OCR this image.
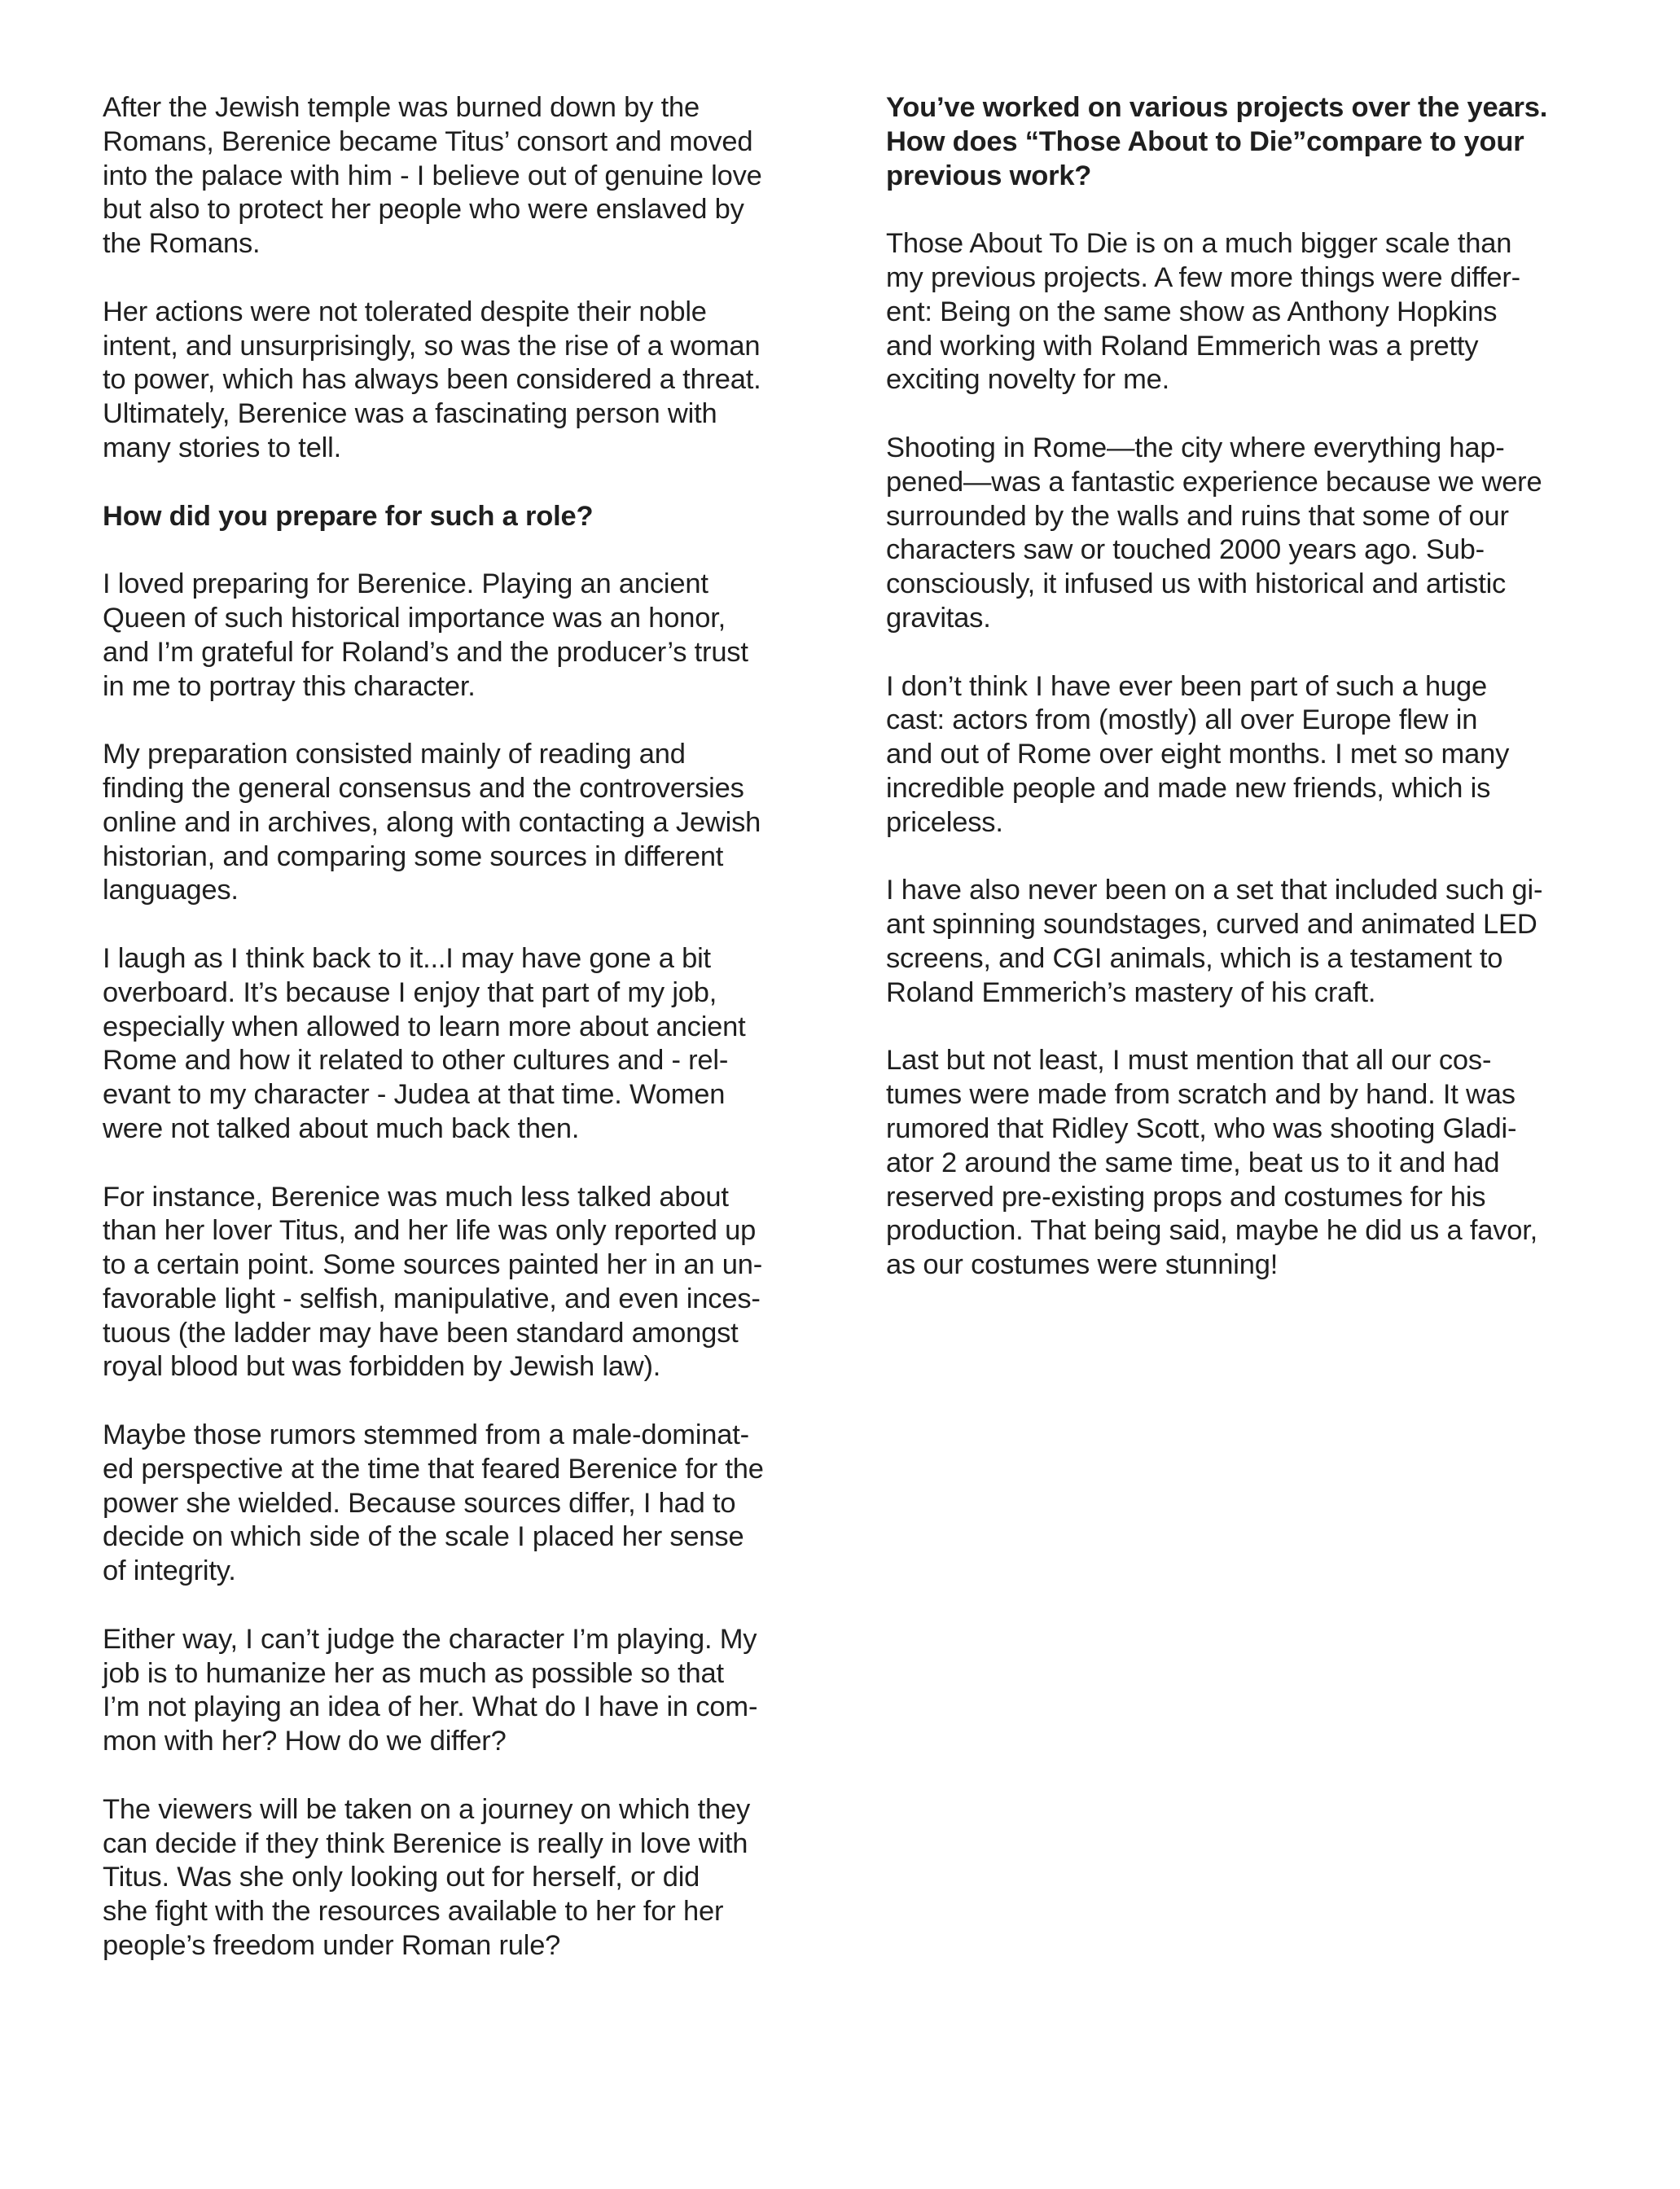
After the Jewish temple was burned down by the
Romans, Berenice became Titus’ consort and moved
into the palace with him - I believe out of genuine love
but also to protect her people who were enslaved by
the Romans.

Her actions were not tolerated despite their noble
intent, and unsurprisingly, so was the rise of a woman
to power, which has always been considered a threat.
Ultimately, Berenice was a fascinating person with
many stories to tell.

How did you prepare for such a role?

I loved preparing for Berenice. Playing an ancient
Queen of such historical importance was an honor,
and I’m grateful for Roland’s and the producer’s trust
in me to portray this character.

My preparation consisted mainly of reading and
finding the general consensus and the controversies
online and in archives, along with contacting a Jewish
historian, and comparing some sources in different
languages.

I laugh as I think back to it...I may have gone a bit
overboard. It’s because I enjoy that part of my job,
especially when allowed to learn more about ancient
Rome and how it related to other cultures and - rel-
evant to my character - Judea at that time. Women
were not talked about much back then.

For instance, Berenice was much less talked about
than her lover Titus, and her life was only reported up
to a certain point. Some sources painted her in an un-
favorable light - selfish, manipulative, and even inces-
tuous (the ladder may have been standard amongst
royal blood but was forbidden by Jewish law).

Maybe those rumors stemmed from a male-dominat-
ed perspective at the time that feared Berenice for the
power she wielded. Because sources differ, I had to
decide on which side of the scale I placed her sense
of integrity.

Either way, I can’t judge the character I’m playing. My
job is to humanize her as much as possible so that
I’m not playing an idea of her. What do I have in com-
mon with her? How do we differ?

The viewers will be taken on a journey on which they
can decide if they think Berenice is really in love with
Titus. Was she only looking out for herself, or did
she fight with the resources available to her for her
people’s freedom under Roman rule?

You’ve worked on various projects over the years.
How does “Those About to Die”compare to your
previous work?

Those About To Die is on a much bigger scale than
my previous projects. A few more things were differ-
ent: Being on the same show as Anthony Hopkins
and working with Roland Emmerich was a pretty
exciting novelty for me.

Shooting in Rome—the city where everything hap-
pened—was a fantastic experience because we were
surrounded by the walls and ruins that some of our
characters saw or touched 2000 years ago. Sub-
consciously, it infused us with historical and artistic
gravitas.

I don’t think I have ever been part of such a huge
cast: actors from (mostly) all over Europe flew in
and out of Rome over eight months. I met so many
incredible people and made new friends, which is
priceless.

I have also never been on a set that included such gi-
ant spinning soundstages, curved and animated LED
screens, and CGI animals, which is a testament to
Roland Emmerich’s mastery of his craft.

Last but not least, I must mention that all our cos-
tumes were made from scratch and by hand. It was
rumored that Ridley Scott, who was shooting Gladi-
ator 2 around the same time, beat us to it and had
reserved pre-existing props and costumes for his
production. That being said, maybe he did us a favor,
as our costumes were stunning!
